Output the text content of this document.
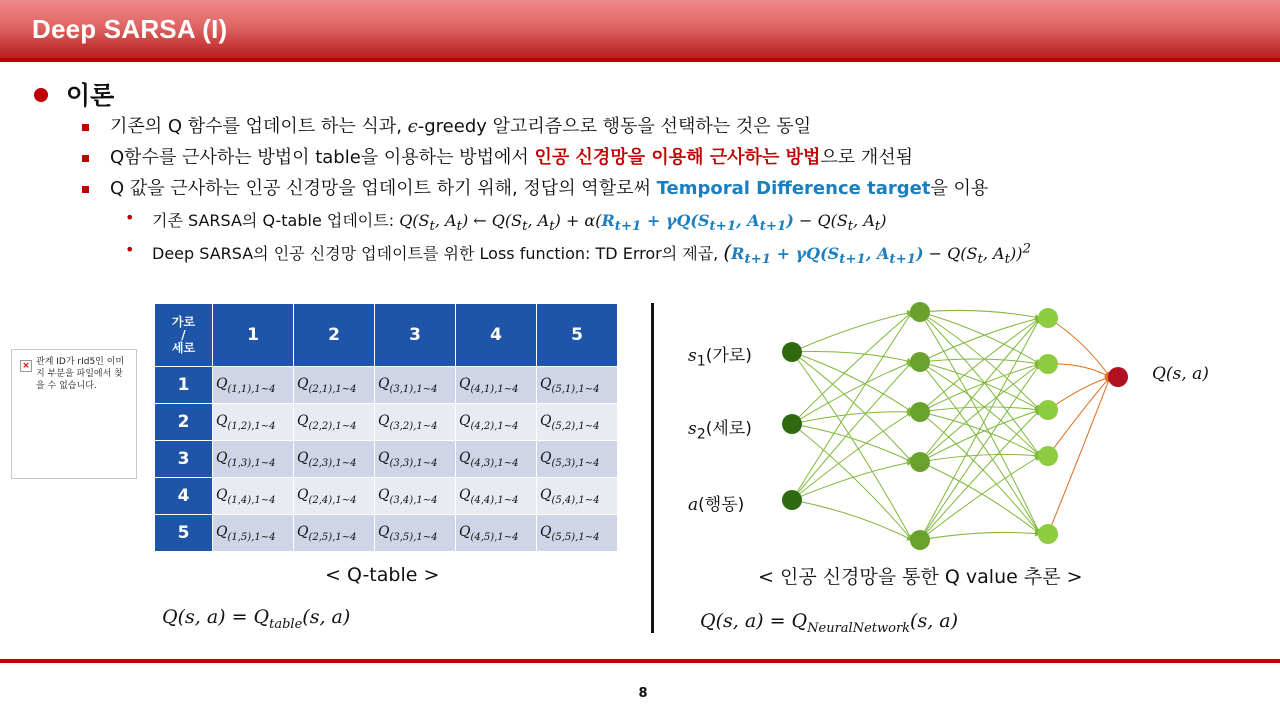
Deep SARSA (I)
이론
기존의 Q 함수를 업데이트 하는 식과, ϵ-greedy 알고리즘으로 행동을 선택하는 것은 동일
Q함수를 근사하는 방법이 table을 이용하는 방법에서 인공 신경망을 이용해 근사하는 방법으로 개선됨
Q 값을 근사하는 인공 신경망을 업데이트 하기 위해, 정답의 역할로써 Temporal Difference target을 이용
기존 SARSA의 Q-table 업데이트: $Q(S_t$, $A_t$) ← $Q(S_t$, $A_t) + \alpha(R_{t+1} + \gamma Q(S_{t+1}$, $A_{t+1}) - Q(S_t$, $A_t$)
Deep SARSA의 인공 신경망 업데이트를 위한 Loss function: TD Error의 제곱, ($R_{t+1} + \gamma Q(S_{t+1}$, $A_{t+1}) - Q(S_t$, $A_t))^2$
× 관계 ID가 rId5인 이미지 부분을 파일에서 찾을 수 없습니다.
가로
/
세로	1	2	3	4	5
1	$Q_{(1,1),1\sim 4}$	$Q_{(2,1),1\sim 4}$	$Q_{(3,1),1\sim 4}$	$Q_{(4,1),1\sim 4}$	$Q_{(5,1),1\sim 4}$
2	$Q_{(1,2),1\sim 4}$	$Q_{(2,2),1\sim 4}$	$Q_{(3,2),1\sim 4}$	$Q_{(4,2),1\sim 4}$	$Q_{(5,2),1\sim 4}$
3	$Q_{(1,3),1\sim 4}$	$Q_{(2,3),1\sim 4}$	$Q_{(3,3),1\sim 4}$	$Q_{(4,3),1\sim 4}$	$Q_{(5,3),1\sim 4}$
4	$Q_{(1,4),1\sim 4}$	$Q_{(2,4),1\sim 4}$	$Q_{(3,4),1\sim 4}$	$Q_{(4,4),1\sim 4}$	$Q_{(5,4),1\sim 4}$
5	$Q_{(1,5),1\sim 4}$	$Q_{(2,5),1\sim 4}$	$Q_{(3,5),1\sim 4}$	$Q_{(4,5),1\sim 4}$	$Q_{(5,5),1\sim 4}$
< Q-table >
Q(s, $a) = Q_{table}(s$, a)
$s_1$(가로)
$s_2$(세로)
a(행동)
Q(s, a)
< 인공 신경망을 통한 Q value 추론 >
Q(s, $a) = Q_{NeuralNetwork}(s$, a)
8
